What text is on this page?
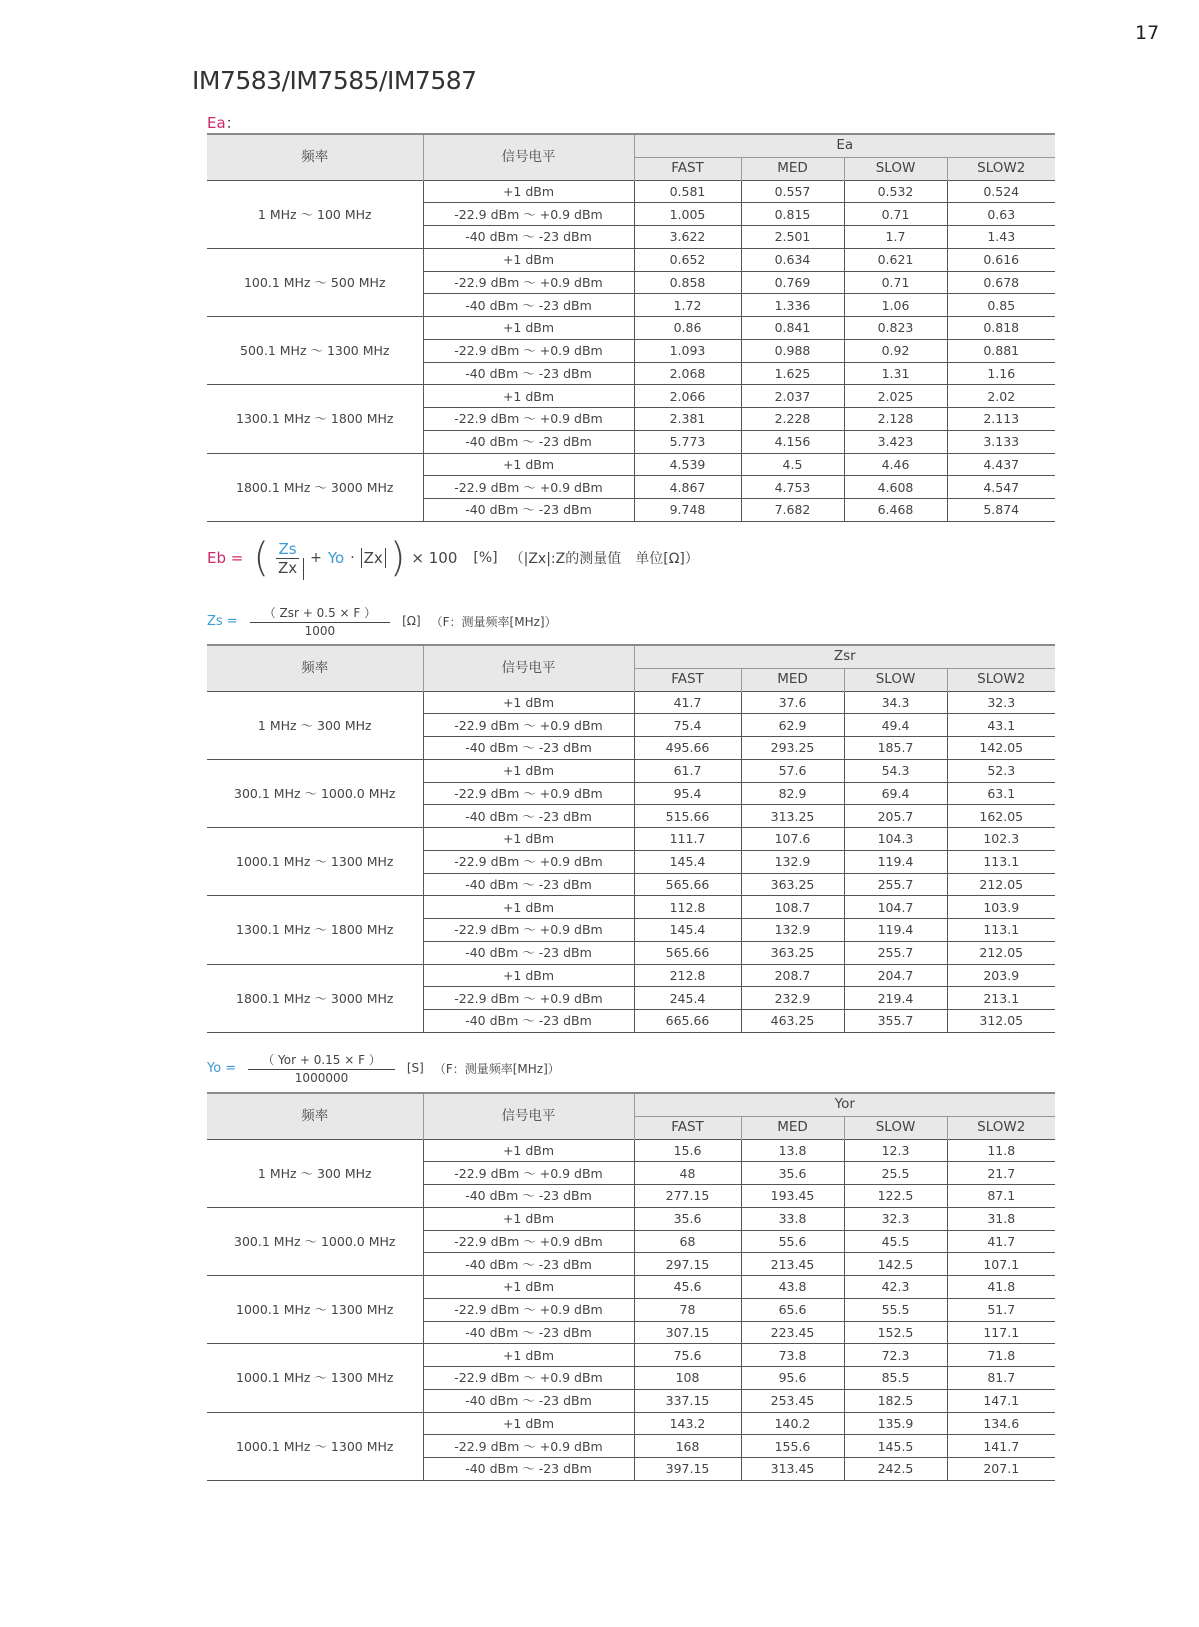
17
IM7583/IM7585/IM7587
Ea：
频率	信号电平	Ea			
		FAST	MED	SLOW	SLOW2
1 MHz ～ 100 MHz	+1 dBm	0.581	0.557	0.532	0.524
	-22.9 dBm ～ +0.9 dBm	1.005	0.815	0.71	0.63
	-40 dBm ～ -23 dBm	3.622	2.501	1.7	1.43
100.1 MHz ～ 500 MHz	+1 dBm	0.652	0.634	0.621	0.616
	-22.9 dBm ～ +0.9 dBm	0.858	0.769	0.71	0.678
	-40 dBm ～ -23 dBm	1.72	1.336	1.06	0.85
500.1 MHz ～ 1300 MHz	+1 dBm	0.86	0.841	0.823	0.818
	-22.9 dBm ～ +0.9 dBm	1.093	0.988	0.92	0.881
	-40 dBm ～ -23 dBm	2.068	1.625	1.31	1.16
1300.1 MHz ～ 1800 MHz	+1 dBm	2.066	2.037	2.025	2.02
	-22.9 dBm ～ +0.9 dBm	2.381	2.228	2.128	2.113
	-40 dBm ～ -23 dBm	5.773	4.156	3.423	3.133
1800.1 MHz ～ 3000 MHz	+1 dBm	4.539	4.5	4.46	4.437
	-22.9 dBm ～ +0.9 dBm	4.867	4.753	4.608	4.547
	-40 dBm ～ -23 dBm	9.748	7.682	6.468	5.874
Eb = ( $\frac{Zs}{Zx} + Yo \cdot Zx$ ) × 100 [%] （|Zx|:Z的测量值　单位[Ω]）
$Zs = \frac{\text{（ Zsr + 0.5 × F ）}}{1000} [\Omega]$ （F：测量频率[MHz]）
频率	信号电平	Zsr			
		FAST	MED	SLOW	SLOW2
1 MHz ～ 300 MHz	+1 dBm	41.7	37.6	34.3	32.3
	-22.9 dBm ～ +0.9 dBm	75.4	62.9	49.4	43.1
	-40 dBm ～ -23 dBm	495.66	293.25	185.7	142.05
300.1 MHz ～ 1000.0 MHz	+1 dBm	61.7	57.6	54.3	52.3
	-22.9 dBm ～ +0.9 dBm	95.4	82.9	69.4	63.1
	-40 dBm ～ -23 dBm	515.66	313.25	205.7	162.05
1000.1 MHz ～ 1300 MHz	+1 dBm	111.7	107.6	104.3	102.3
	-22.9 dBm ～ +0.9 dBm	145.4	132.9	119.4	113.1
	-40 dBm ～ -23 dBm	565.66	363.25	255.7	212.05
1300.1 MHz ～ 1800 MHz	+1 dBm	112.8	108.7	104.7	103.9
	-22.9 dBm ～ +0.9 dBm	145.4	132.9	119.4	113.1
	-40 dBm ～ -23 dBm	565.66	363.25	255.7	212.05
1800.1 MHz ～ 3000 MHz	+1 dBm	212.8	208.7	204.7	203.9
	-22.9 dBm ～ +0.9 dBm	245.4	232.9	219.4	213.1
	-40 dBm ～ -23 dBm	665.66	463.25	355.7	312.05
$Yo = \frac{\text{（ Yor + 0.15 × F ）}}{1000000} [S]$ （F：测量频率[MHz]）
频率	信号电平	Yor			
		FAST	MED	SLOW	SLOW2
1 MHz ～ 300 MHz	+1 dBm	15.6	13.8	12.3	11.8
	-22.9 dBm ～ +0.9 dBm	48	35.6	25.5	21.7
	-40 dBm ～ -23 dBm	277.15	193.45	122.5	87.1
300.1 MHz ～ 1000.0 MHz	+1 dBm	35.6	33.8	32.3	31.8
	-22.9 dBm ～ +0.9 dBm	68	55.6	45.5	41.7
	-40 dBm ～ -23 dBm	297.15	213.45	142.5	107.1
1000.1 MHz ～ 1300 MHz	+1 dBm	45.6	43.8	42.3	41.8
	-22.9 dBm ～ +0.9 dBm	78	65.6	55.5	51.7
	-40 dBm ～ -23 dBm	307.15	223.45	152.5	117.1
1000.1 MHz ～ 1300 MHz	+1 dBm	75.6	73.8	72.3	71.8
	-22.9 dBm ～ +0.9 dBm	108	95.6	85.5	81.7
	-40 dBm ～ -23 dBm	337.15	253.45	182.5	147.1
1000.1 MHz ～ 1300 MHz	+1 dBm	143.2	140.2	135.9	134.6
	-22.9 dBm ～ +0.9 dBm	168	155.6	145.5	141.7
	-40 dBm ～ -23 dBm	397.15	313.45	242.5	207.1
